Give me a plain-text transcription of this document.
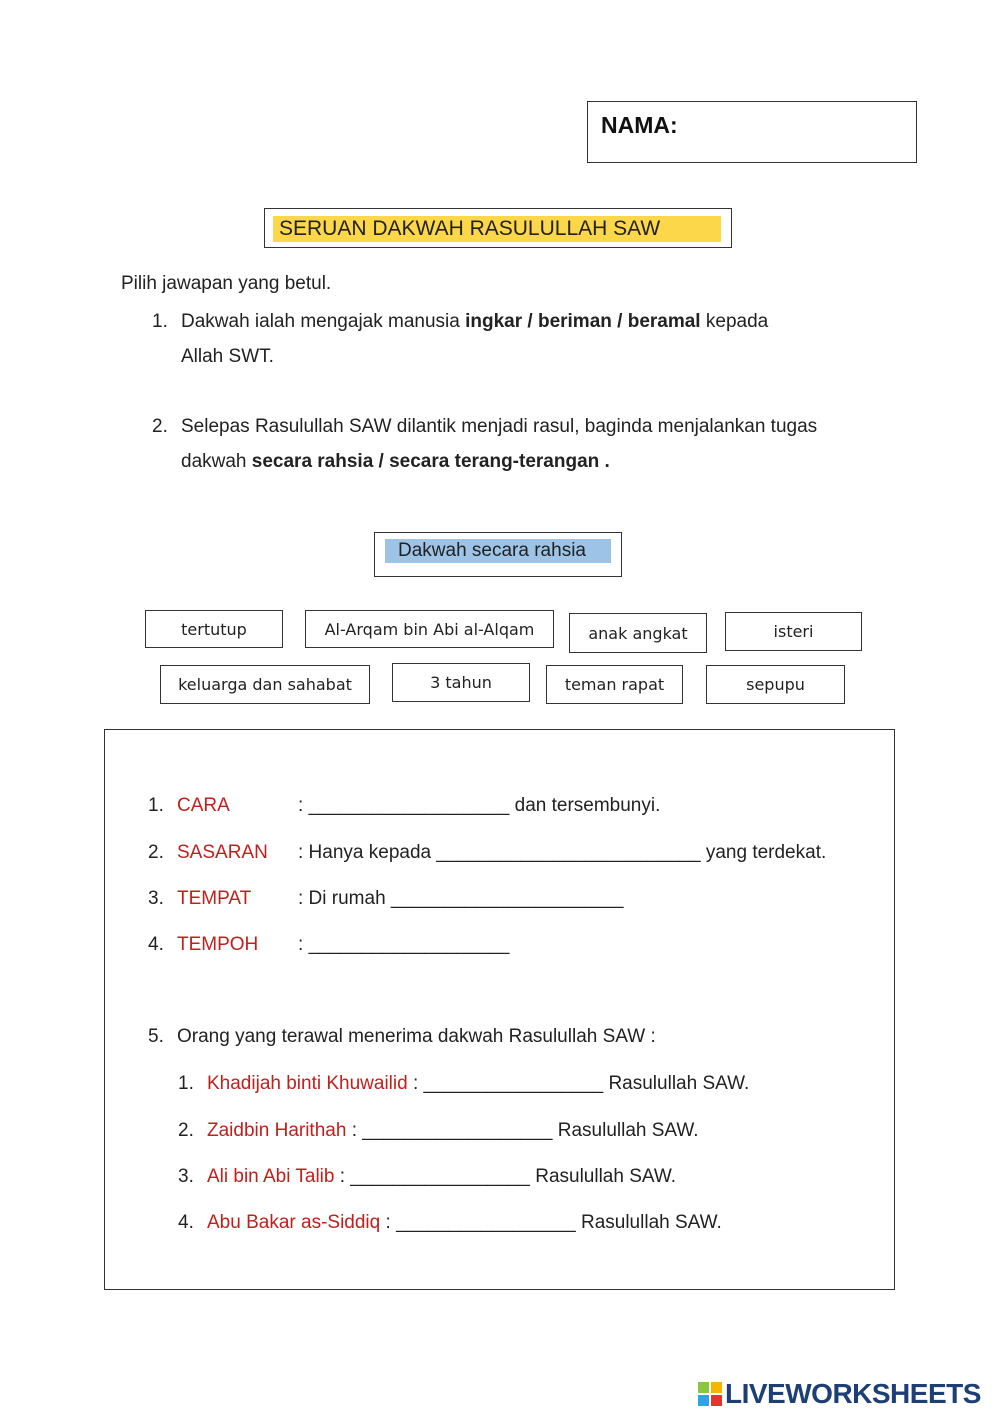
NAMA:
SERUAN DAKWAH RASULULLAH SAW
Pilih jawapan yang betul.
1. Dakwah ialah mengajak manusia ingkar / beriman / beramal kepada
Allah SWT.
2. Selepas Rasulullah SAW dilantik menjadi rasul, baginda menjalankan tugas
dakwah secara rahsia / secara terang-terangan .
Dakwah secara rahsia
tertutup	Al-Arqam bin Abi al-Alqam	anak angkat	isteri
keluarga dan sahabat	3 tahun	teman rapat	sepupu
1. CARA	: ___________________ dan tersembunyi.
2. SASARAN : Hanya kepada _________________________ yang terdekat.
3. TEMPAT : Di rumah ______________________
4. TEMPOH : ___________________
5. Orang yang terawal menerima dakwah Rasulullah SAW :
1. Khadijah binti Khuwailid : _________________ Rasulullah SAW.
2. Zaidbin Harithah : __________________ Rasulullah SAW.
3. Ali bin Abi Talib : _________________ Rasulullah SAW.
4. Abu Bakar as-Siddiq : _________________ Rasulullah SAW.
LIVEWORKSHEETS
